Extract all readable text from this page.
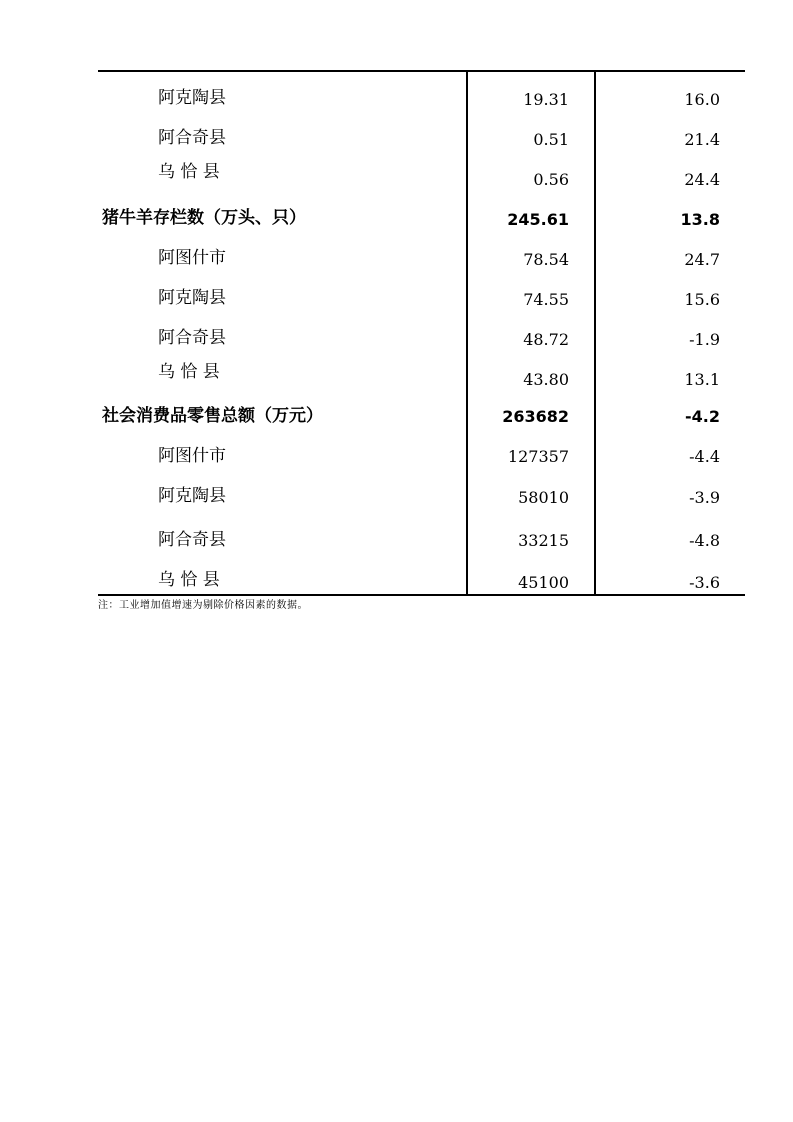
阿克陶县	19.31	16.0
阿合奇县	0.51	21.4
乌 恰 县	0.56	24.4
猪牛羊存栏数（万头、只）	245.61	13.8
阿图什市	78.54	24.7
阿克陶县	74.55	15.6
阿合奇县	48.72	-1.9
乌 恰 县	43.80	13.1
社会消费品零售总额（万元）	263682	-4.2
阿图什市	127357	-4.4
阿克陶县	58010	-3.9
阿合奇县	33215	-4.8
乌 恰 县	45100	-3.6
注：工业增加值增速为剔除价格因素的数据。
